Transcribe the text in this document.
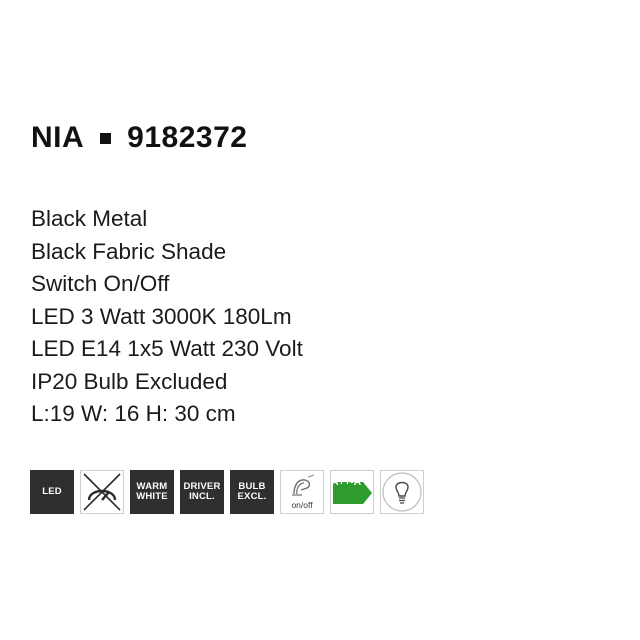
NIA 9182372
Black Metal
Black Fabric Shade
Switch On/Off
LED 3 Watt 3000K 180Lm
LED E14 1x5 Watt 230 Volt
IP20 Bulb Excluded
L:19 W: 16 H: 30 cm
LED	WARM WHITE
DRIVER INCL.
BULB EXCL.
on/off
A++-A
